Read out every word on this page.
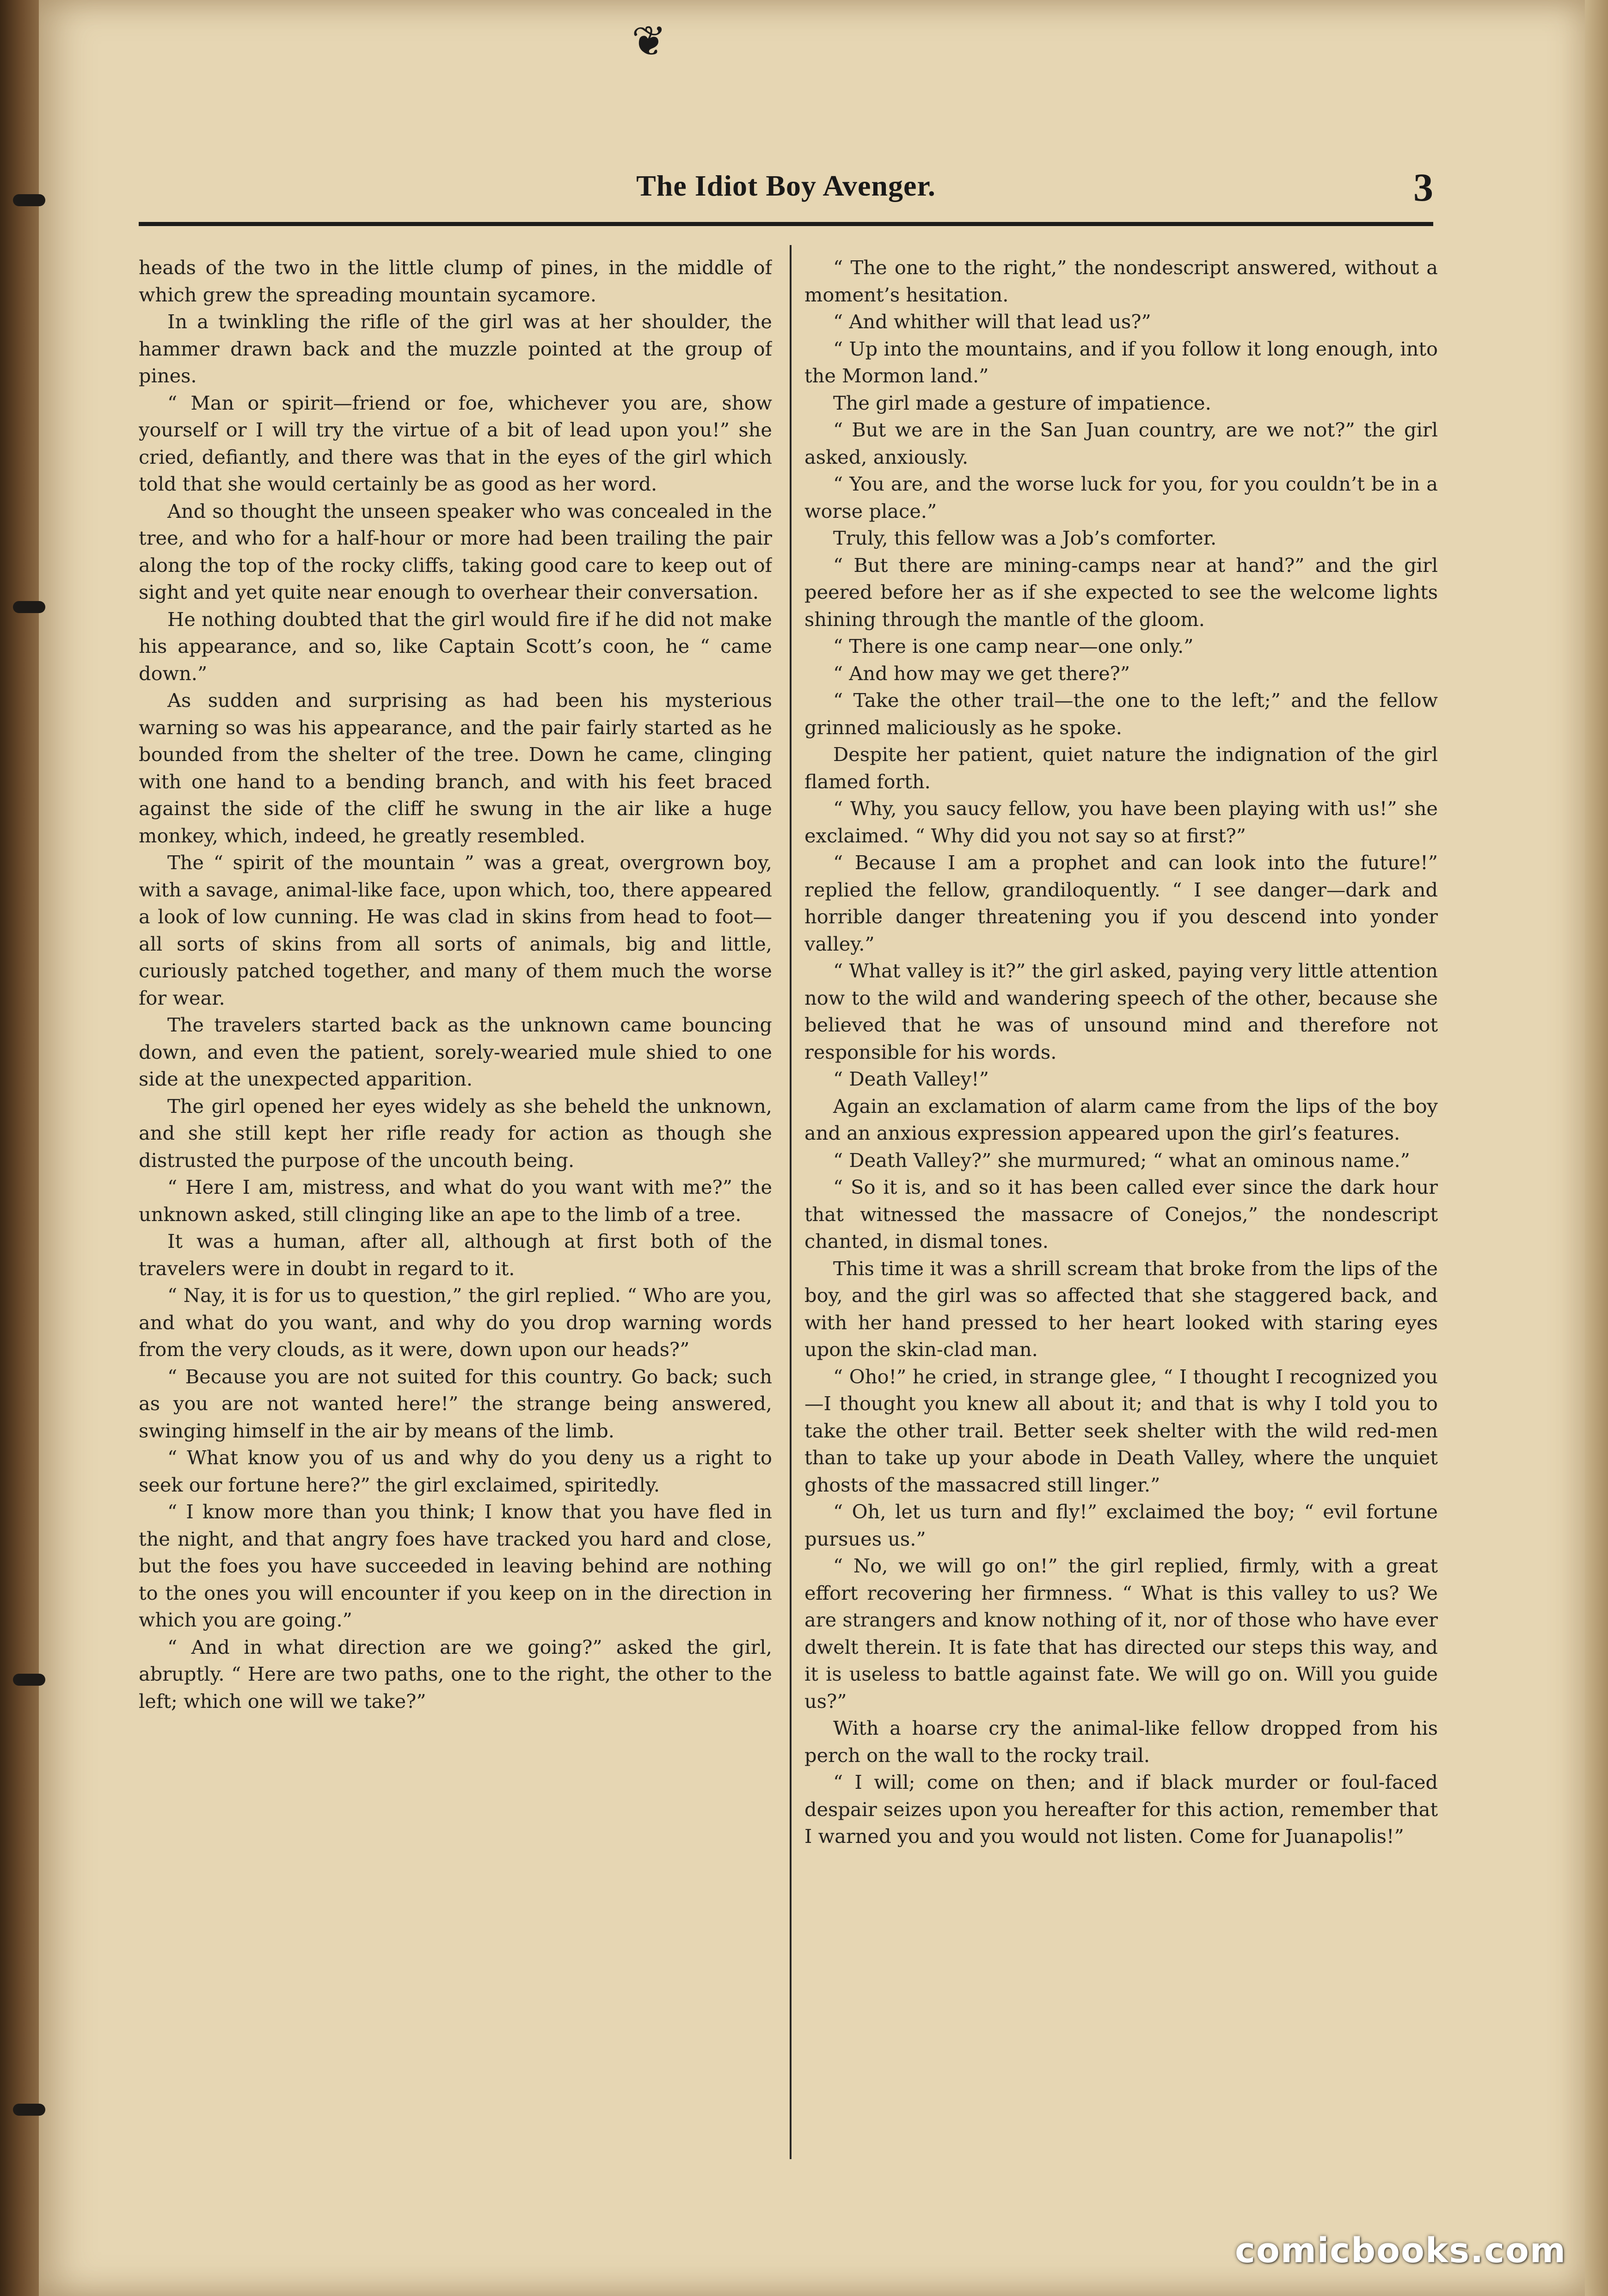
❦
The Idiot Boy Avenger.	3

heads of the two in the little clump of pines, in the middle of which grew the spreading mountain sycamore.

In a twinkling the rifle of the girl was at her shoulder, the hammer drawn back and the muzzle pointed at the group of pines.

“ Man or spirit—friend or foe, whichever you are, show yourself or I will try the virtue of a bit of lead upon you!” she cried, defiantly, and there was that in the eyes of the girl which told that she would certainly be as good as her word.

And so thought the unseen speaker who was concealed in the tree, and who for a half-hour or more had been trailing the pair along the top of the rocky cliffs, taking good care to keep out of sight and yet quite near enough to overhear their conversation.

He nothing doubted that the girl would fire if he did not make his appearance, and so, like Captain Scott’s coon, he “ came down.”

As sudden and surprising as had been his mysterious warning so was his appearance, and the pair fairly started as he bounded from the shelter of the tree. Down he came, clinging with one hand to a bending branch, and with his feet braced against the side of the cliff he swung in the air like a huge monkey, which, indeed, he greatly resembled.

The “ spirit of the mountain ” was a great, overgrown boy, with a savage, animal-like face, upon which, too, there appeared a look of low cunning. He was clad in skins from head to foot—all sorts of skins from all sorts of animals, big and little, curiously patched together, and many of them much the worse for wear.

The travelers started back as the unknown came bouncing down, and even the patient, sorely-wearied mule shied to one side at the unexpected apparition.

The girl opened her eyes widely as she beheld the unknown, and she still kept her rifle ready for action as though she distrusted the purpose of the uncouth being.

“ Here I am, mistress, and what do you want with me?” the unknown asked, still clinging like an ape to the limb of a tree.

It was a human, after all, although at first both of the travelers were in doubt in regard to it.

“ Nay, it is for us to question,” the girl replied. “ Who are you, and what do you want, and why do you drop warning words from the very clouds, as it were, down upon our heads?”

“ Because you are not suited for this country. Go back; such as you are not wanted here!” the strange being answered, swinging himself in the air by means of the limb.

“ What know you of us and why do you deny us a right to seek our fortune here?” the girl exclaimed, spiritedly.

“ I know more than you think; I know that you have fled in the night, and that angry foes have tracked you hard and close, but the foes you have succeeded in leaving behind are nothing to the ones you will encounter if you keep on in the direction in which you are going.”

“ And in what direction are we going?” asked the girl, abruptly. “ Here are two paths, one to the right, the other to the left; which one will we take?”

“ The one to the right,” the nondescript answered, without a moment’s hesitation.

“ And whither will that lead us?”

“ Up into the mountains, and if you follow it long enough, into the Mormon land.”

The girl made a gesture of impatience.

“ But we are in the San Juan country, are we not?” the girl asked, anxiously.

“ You are, and the worse luck for you, for you couldn’t be in a worse place.”

Truly, this fellow was a Job’s comforter.

“ But there are mining-camps near at hand?” and the girl peered before her as if she expected to see the welcome lights shining through the mantle of the gloom.

“ There is one camp near—one only.”

“ And how may we get there?”

“ Take the other trail—the one to the left;” and the fellow grinned maliciously as he spoke.

Despite her patient, quiet nature the indignation of the girl flamed forth.

“ Why, you saucy fellow, you have been playing with us!” she exclaimed. “ Why did you not say so at first?”

“ Because I am a prophet and can look into the future!” replied the fellow, grandiloquently. “ I see danger—dark and horrible danger threatening you if you descend into yonder valley.”

“ What valley is it?” the girl asked, paying very little attention now to the wild and wandering speech of the other, because she believed that he was of unsound mind and therefore not responsible for his words.

“ Death Valley!”

Again an exclamation of alarm came from the lips of the boy and an anxious expression appeared upon the girl’s features.

“ Death Valley?” she murmured; “ what an ominous name.”

“ So it is, and so it has been called ever since the dark hour that witnessed the massacre of Conejos,” the nondescript chanted, in dismal tones.

This time it was a shrill scream that broke from the lips of the boy, and the girl was so affected that she staggered back, and with her hand pressed to her heart looked with staring eyes upon the skin-clad man.

“ Oho!” he cried, in strange glee, “ I thought I recognized you—I thought you knew all about it; and that is why I told you to take the other trail. Better seek shelter with the wild red-men than to take up your abode in Death Valley, where the unquiet ghosts of the massacred still linger.”

“ Oh, let us turn and fly!” exclaimed the boy; “ evil fortune pursues us.”

“ No, we will go on!” the girl replied, firmly, with a great effort recovering her firmness. “ What is this valley to us? We are strangers and know nothing of it, nor of those who have ever dwelt therein. It is fate that has directed our steps this way, and it is useless to battle against fate. We will go on. Will you guide us?”

With a hoarse cry the animal-like fellow dropped from his perch on the wall to the rocky trail.

“ I will; come on then; and if black murder or foul-faced despair seizes upon you hereafter for this action, remember that I warned you and you would not listen. Come for Juanapolis!”

comicbooks.com
